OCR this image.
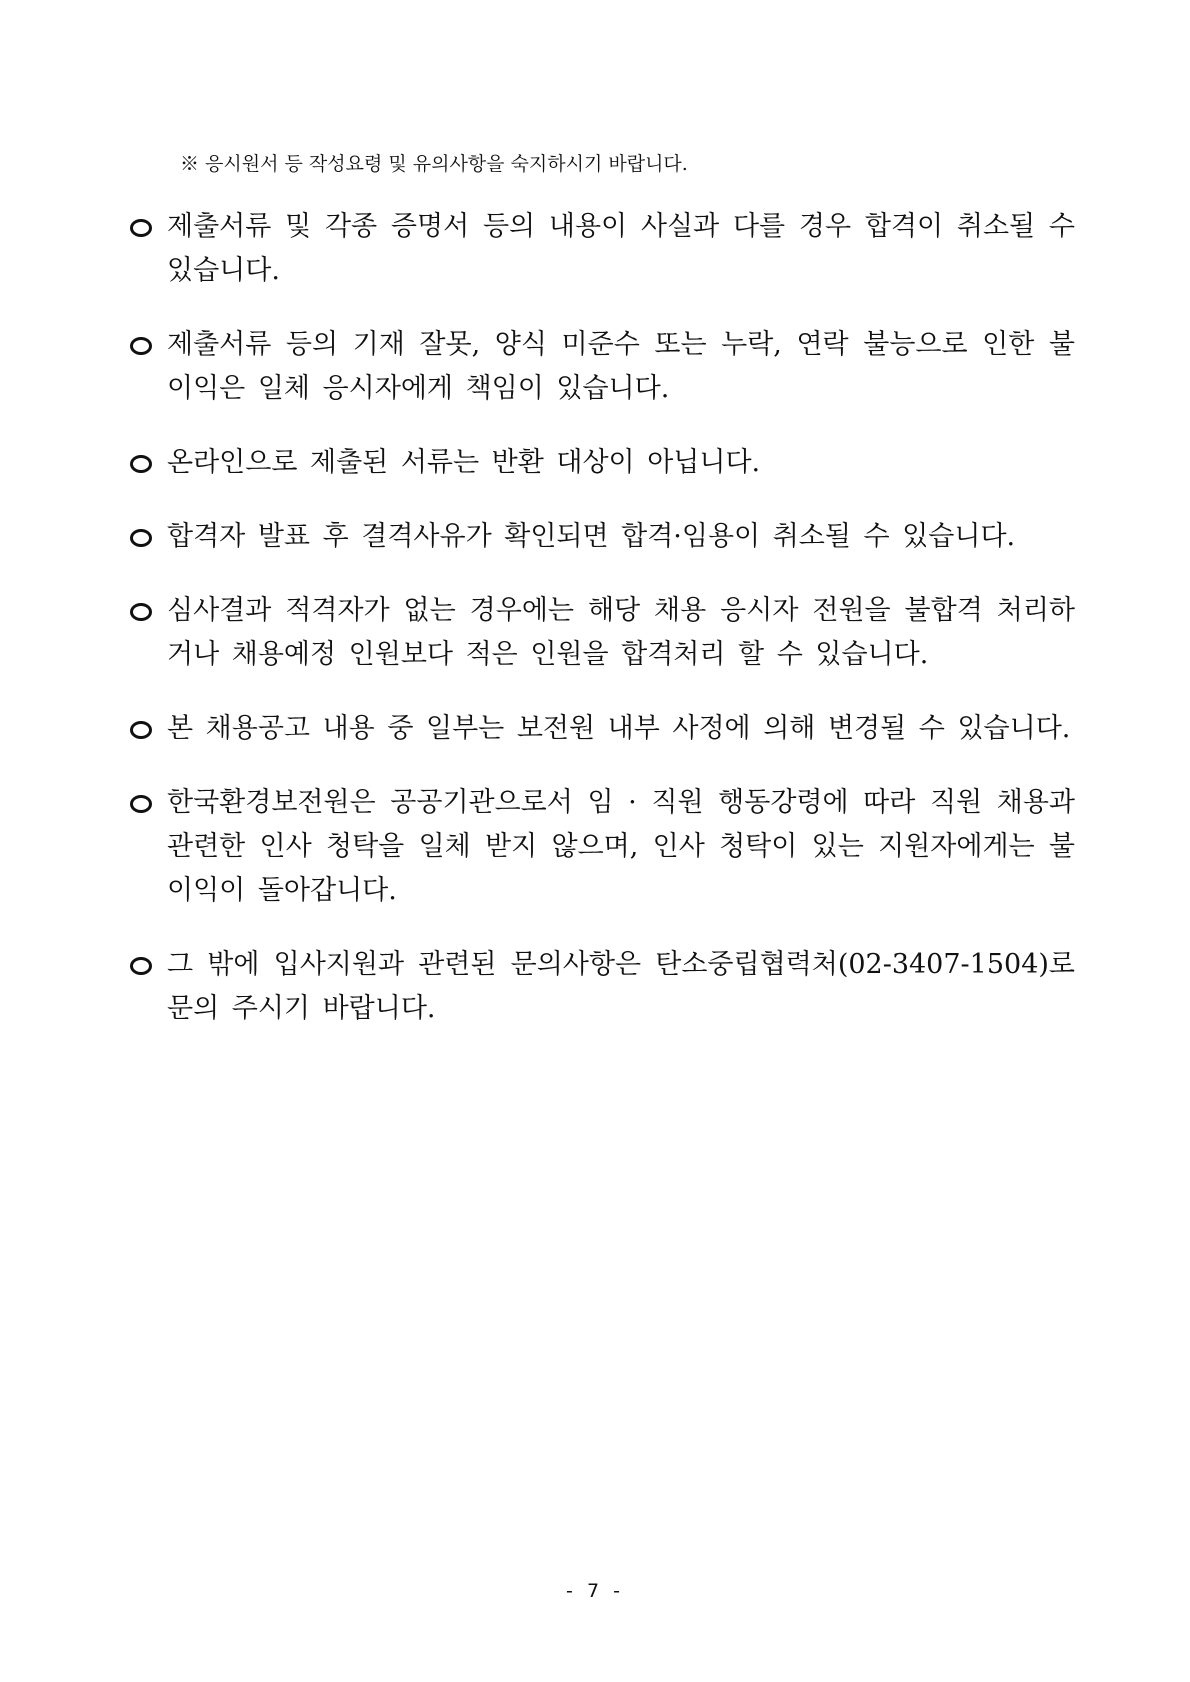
※ 응시원서 등 작성요령 및 유의사항을 숙지하시기 바랍니다.
제출서류 및 각종 증명서 등의 내용이 사실과 다를 경우 합격이 취소될 수 있습니다.
제출서류 등의 기재 잘못, 양식 미준수 또는 누락, 연락 불능으로 인한 불이익은 일체 응시자에게 책임이 있습니다.
온라인으로 제출된 서류는 반환 대상이 아닙니다.
합격자 발표 후 결격사유가 확인되면 합격·임용이 취소될 수 있습니다.
심사결과 적격자가 없는 경우에는 해당 채용 응시자 전원을 불합격 처리하거나 채용예정 인원보다 적은 인원을 합격처리 할 수 있습니다.
본 채용공고 내용 중 일부는 보전원 내부 사정에 의해 변경될 수 있습니다.
한국환경보전원은 공공기관으로서 임 · 직원 행동강령에 따라 직원 채용과 관련한 인사 청탁을 일체 받지 않으며, 인사 청탁이 있는 지원자에게는 불이익이 돌아갑니다.
그 밖에 입사지원과 관련된 문의사항은 탄소중립협력처(02-3407-1504)로 문의 주시기 바랍니다.
- 7 -
